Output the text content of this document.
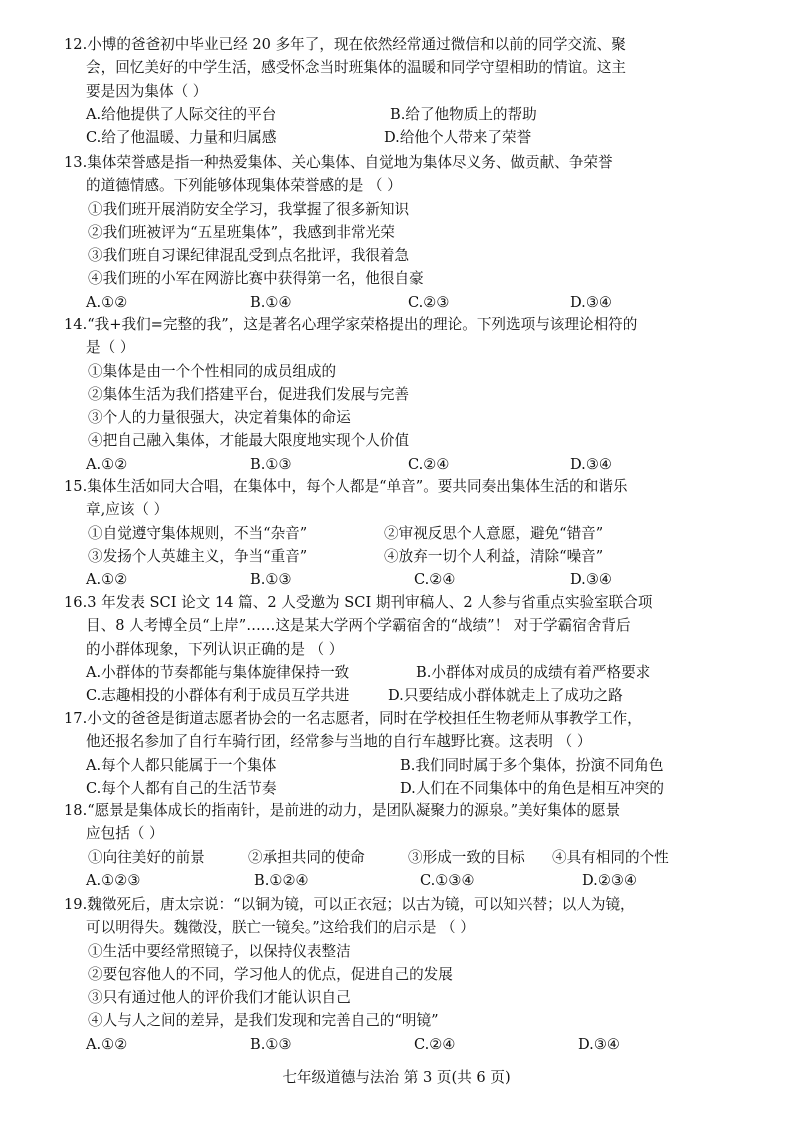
12.小博的爸爸初中毕业已经 20 多年了，现在依然经常通过微信和以前的同学交流、聚
会，回忆美好的中学生活，感受怀念当时班集体的温暖和同学守望相助的情谊。这主
要是因为集体（ ）
A.给他提供了人际交往的平台	B.给了他物质上的帮助
C.给了他温暖、力量和归属感	D.给他个人带来了荣誉
13.集体荣誉感是指一种热爱集体、关心集体、自觉地为集体尽义务、做贡献、争荣誉
的道德情感。下列能够体现集体荣誉感的是 （ ）
①我们班开展消防安全学习，我掌握了很多新知识
②我们班被评为“五星班集体”，我感到非常光荣
③我们班自习课纪律混乱受到点名批评，我很着急
④我们班的小军在网游比赛中获得第一名，他很自豪
A.①②	B.①④	C.②③	D.③④
14.“我+我们=完整的我”，这是著名心理学家荣格提出的理论。下列选项与该理论相符的
是（ ）
①集体是由一个个性相同的成员组成的
②集体生活为我们搭建平台，促进我们发展与完善
③个人的力量很强大，决定着集体的命运
④把自己融入集体，才能最大限度地实现个人价值
A.①②	B.①③	C.②④	D.③④
15.集体生活如同大合唱，在集体中，每个人都是“单音”。要共同奏出集体生活的和谐乐
章,应该（ ）
①自觉遵守集体规则，不当“杂音”	②审视反思个人意愿，避免“错音”
③发扬个人英雄主义，争当“重音”	④放弃一切个人利益，清除“噪音”
A.①②	B.①③	C.②④	D.③④
16.3 年发表 SCI 论文 14 篇、2 人受邀为 SCI 期刊审稿人、2 人参与省重点实验室联合项
目、8 人考博全员“上岸”……这是某大学两个学霸宿舍的“战绩”！ 对于学霸宿舍背后
的小群体现象，下列认识正确的是 （ ）
A.小群体的节奏都能与集体旋律保持一致	B.小群体对成员的成绩有着严格要求
C.志趣相投的小群体有利于成员互学共进	D.只要结成小群体就走上了成功之路
17.小文的爸爸是街道志愿者协会的一名志愿者，同时在学校担任生物老师从事教学工作，
他还报名参加了自行车骑行团，经常参与当地的自行车越野比赛。这表明 （ ）
A.每个人都只能属于一个集体	B.我们同时属于多个集体，扮演不同角色
C.每个人都有自己的生活节奏	D.人们在不同集体中的角色是相互冲突的
18.“愿景是集体成长的指南针，是前进的动力，是团队凝聚力的源泉。”美好集体的愿景
应包括（ ）
①向往美好的前景	②承担共同的使命	③形成一致的目标 ④具有相同的个性
A.①②③	B.①②④	C.①③④	D.②③④
19.魏徵死后，唐太宗说：“以铜为镜，可以正衣冠；以古为镜，可以知兴替；以人为镜，
可以明得失。魏徵没，朕亡一镜矣。”这给我们的启示是 （ ）
①生活中要经常照镜子，以保持仪表整洁
②要包容他人的不同，学习他人的优点，促进自己的发展
③只有通过他人的评价我们才能认识自己
④人与人之间的差异，是我们发现和完善自己的“明镜”
A.①②	B.①③	C.②④	D.③④
七年级道德与法治 第 3 页(共 6 页)
